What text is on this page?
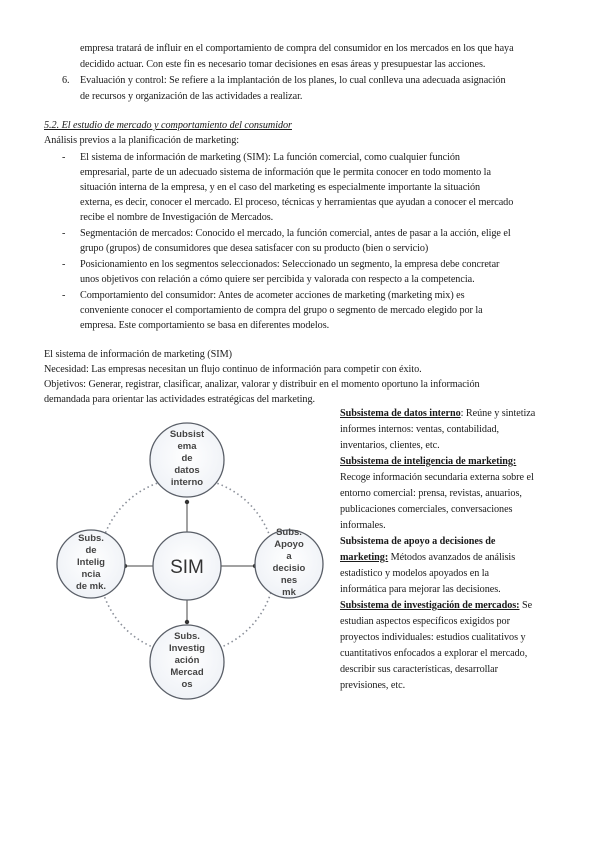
empresa tratará de influir en el comportamiento de compra del consumidor en los mercados en los que haya
decidido actuar. Con este fin es necesario tomar decisiones en esas áreas y presupuestar las acciones.
6. Evaluación y control: Se refiere a la implantación de los planes, lo cual conlleva una adecuada asignación
de recursos y organización de las actividades a realizar.
5.2. El estudio de mercado y comportamiento del consumidor
Análisis previos a la planificación de marketing:
- El sistema de información de marketing (SIM): La función comercial, como cualquier función
empresarial, parte de un adecuado sistema de información que le permita conocer en todo momento la
situación interna de la empresa, y en el caso del marketing es especialmente importante la situación
externa, es decir, conocer el mercado. El proceso, técnicas y herramientas que ayudan a conocer el mercado
recibe el nombre de Investigación de Mercados.
- Segmentación de mercados: Conocido el mercado, la función comercial, antes de pasar a la acción, elige el
grupo (grupos) de consumidores que desea satisfacer con su producto (bien o servicio)
- Posicionamiento en los segmentos seleccionados: Seleccionado un segmento, la empresa debe concretar
unos objetivos con relación a cómo quiere ser percibida y valorada con respecto a la competencia.
- Comportamiento del consumidor: Antes de acometer acciones de marketing (marketing mix) es
conveniente conocer el comportamiento de compra del grupo o segmento de mercado elegido por la
empresa. Este comportamiento se basa en diferentes modelos.
El sistema de información de marketing (SIM)
Necesidad: Las empresas necesitan un flujo continuo de información para competir con éxito.
Objetivos: Generar, registrar, clasificar, analizar, valorar y distribuir en el momento oportuno la información
demandada para orientar las actividades estratégicas del marketing.
SIM
Subsist
ema
de
datos
interno
Subs.
de
Intelig
ncia
de mk.
Subs.
Apoyo
a
decisio
nes
mk
Subs.
Investig
ación
Mercad
os
Subsistema de datos interno: Reúne y sintetiza
informes internos: ventas, contabilidad,
inventarios, clientes, etc.
Subsistema de inteligencia de marketing:
Recoge información secundaria externa sobre el
entorno comercial: prensa, revistas, anuarios,
publicaciones comerciales, conversaciones
informales.
Subsistema de apoyo a decisiones de
marketing: Métodos avanzados de análisis
estadístico y modelos apoyados en la
informática para mejorar las decisiones.
Subsistema de investigación de mercados: Se
estudian aspectos específicos exigidos por
proyectos individuales: estudios cualitativos y
cuantitativos enfocados a explorar el mercado,
describir sus características, desarrollar
previsiones, etc.
